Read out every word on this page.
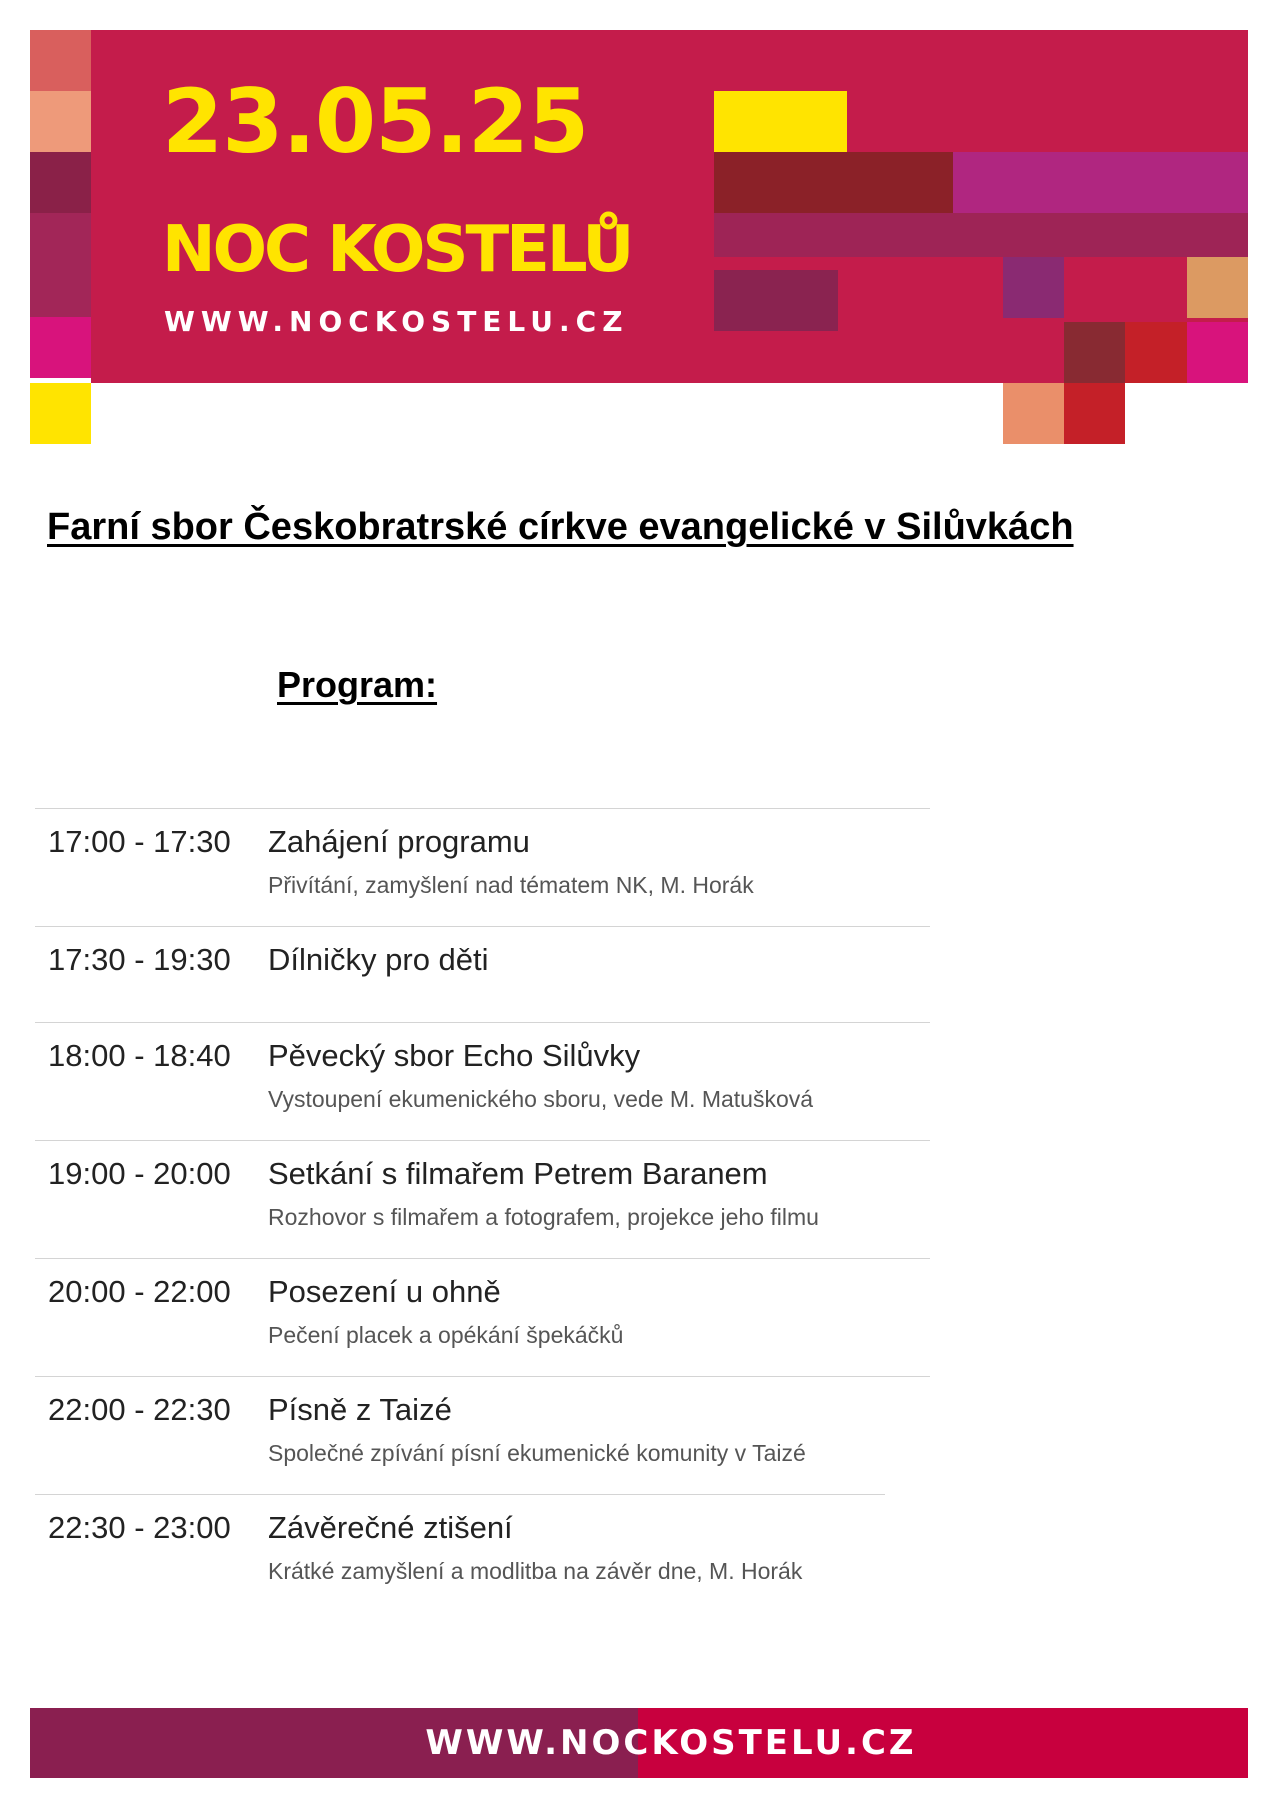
23.05.25

NOC KOSTELŮ

WWW.NOCKOSTELU.CZ

Farní sbor Českobratrské církve evangelické v Silůvkách
Program:
17:00 - 17:30 Zahájení programu
Přivítání, zamyšlení nad tématem NK, M. Horák
17:30 - 19:30 Dílničky pro děti
18:00 - 18:40 Pěvecký sbor Echo Silůvky
Vystoupení ekumenického sboru, vede M. Matušková
19:00 - 20:00 Setkání s filmařem Petrem Baranem
Rozhovor s filmařem a fotografem, projekce jeho filmu
20:00 - 22:00 Posezení u ohně
Pečení placek a opékání špekáčků
22:00 - 22:30 Písně z Taizé
Společné zpívání písní ekumenické komunity v Taizé
22:30 - 23:00 Závěrečné ztišení
Krátké zamyšlení a modlitba na závěr dne, M. Horák

WWW.NOCKOSTELU.CZ
